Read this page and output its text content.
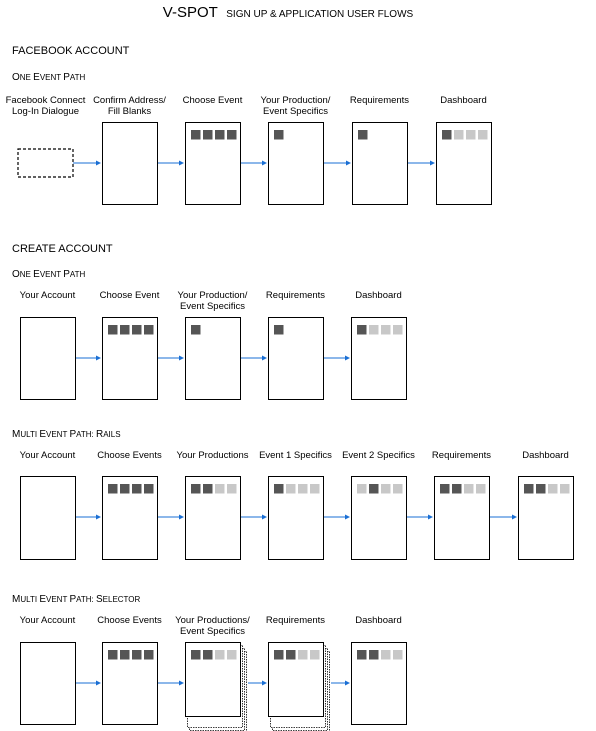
V-SPOT SIGN UP & APPLICATION USER FLOWS
FACEBOOK ACCOUNT
ONE EVENT PATH
Facebook Connect Log-In Dialogue
Confirm Address/ Fill Blanks
Choose Event Your Production/ Event Specifics
Requirements	Dashboard
CREATE ACCOUNT
ONE EVENT PATH
Your Account	Choose Event Your Production/ Event Specifics
Requirements	Dashboard
MULTI EVENT PATH: RAILS
Your Account Choose Events Your Productions Event 1 Specifics Event 2 Specifics Requirements	Dashboard
MULTI EVENT PATH: SELECTOR
Your Account Choose Events Your Productions/ Event Specifics
Requirements	Dashboard
